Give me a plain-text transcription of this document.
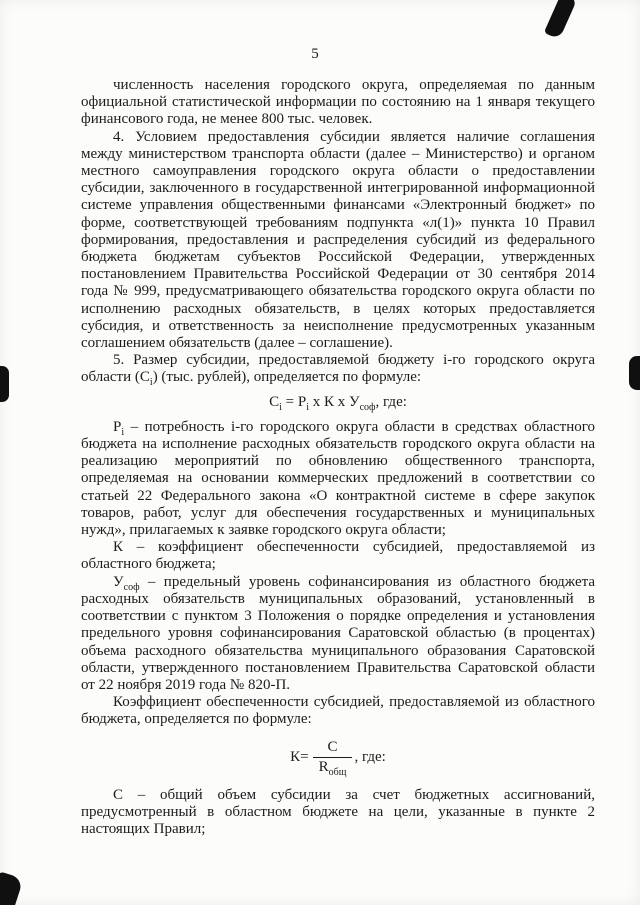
5

численность населения городского округа, определяемая по данным официальной статистической информации по состоянию на 1 января текущего финансового года, не менее 800 тыс. человек.

4. Условием предоставления субсидии является наличие соглашения между министерством транспорта области (далее – Министерство) и органом местного самоуправления городского округа области о предоставлении субсидии, заключенного в государственной интегрированной информационной системе управления общественными финансами «Электронный бюджет» по форме, соответствующей требованиям подпункта «л(1)» пункта 10 Правил формирования, предоставления и распределения субсидий из федерального бюджета бюджетам субъектов Российской Федерации, утвержденных постановлением Правительства Российской Федерации от 30 сентября 2014 года № 999, предусматривающего обязательства городского округа области по исполнению расходных обязательств, в целях которых предоставляется субсидия, и ответственность за неисполнение предусмотренных указанным соглашением обязательств (далее – соглашение).

5. Размер субсидии, предоставляемой бюджету i-го городского округа области $(С_i)$ (тыс. рублей), определяется по формуле:

$С_i = Р_i$ х К х $У_{соф}$, где:

$Р_i$ – потребность i-го городского округа области в средствах областного бюджета на исполнение расходных обязательств городского округа области на реализацию мероприятий по обновлению общественного транспорта, определяемая на основании коммерческих предложений в соответствии со статьей 22 Федерального закона «О контрактной системе в сфере закупок товаров, работ, услуг для обеспечения государственных и муниципальных нужд», прилагаемых к заявке городского округа области;

К – коэффициент обеспеченности субсидией, предоставляемой из областного бюджета;

$У_{соф}$ – предельный уровень софинансирования из областного бюджета расходных обязательств муниципальных образований, установленный в соответствии с пунктом 3 Положения о порядке определения и установления предельного уровня софинансирования Саратовской областью (в процентах) объема расходного обязательства муниципального образования Саратовской области, утвержденного постановлением Правительства Саратовской области от 22 ноября 2019 года № 820-П.

Коэффициент обеспеченности субсидией, предоставляемой из областного бюджета, определяется по формуле:

$К= \frac{С}{R_{общ}}$ , где:

С – общий объем субсидии за счет бюджетных ассигнований, предусмотренный в областном бюджете на цели, указанные в пункте 2 настоящих Правил;
